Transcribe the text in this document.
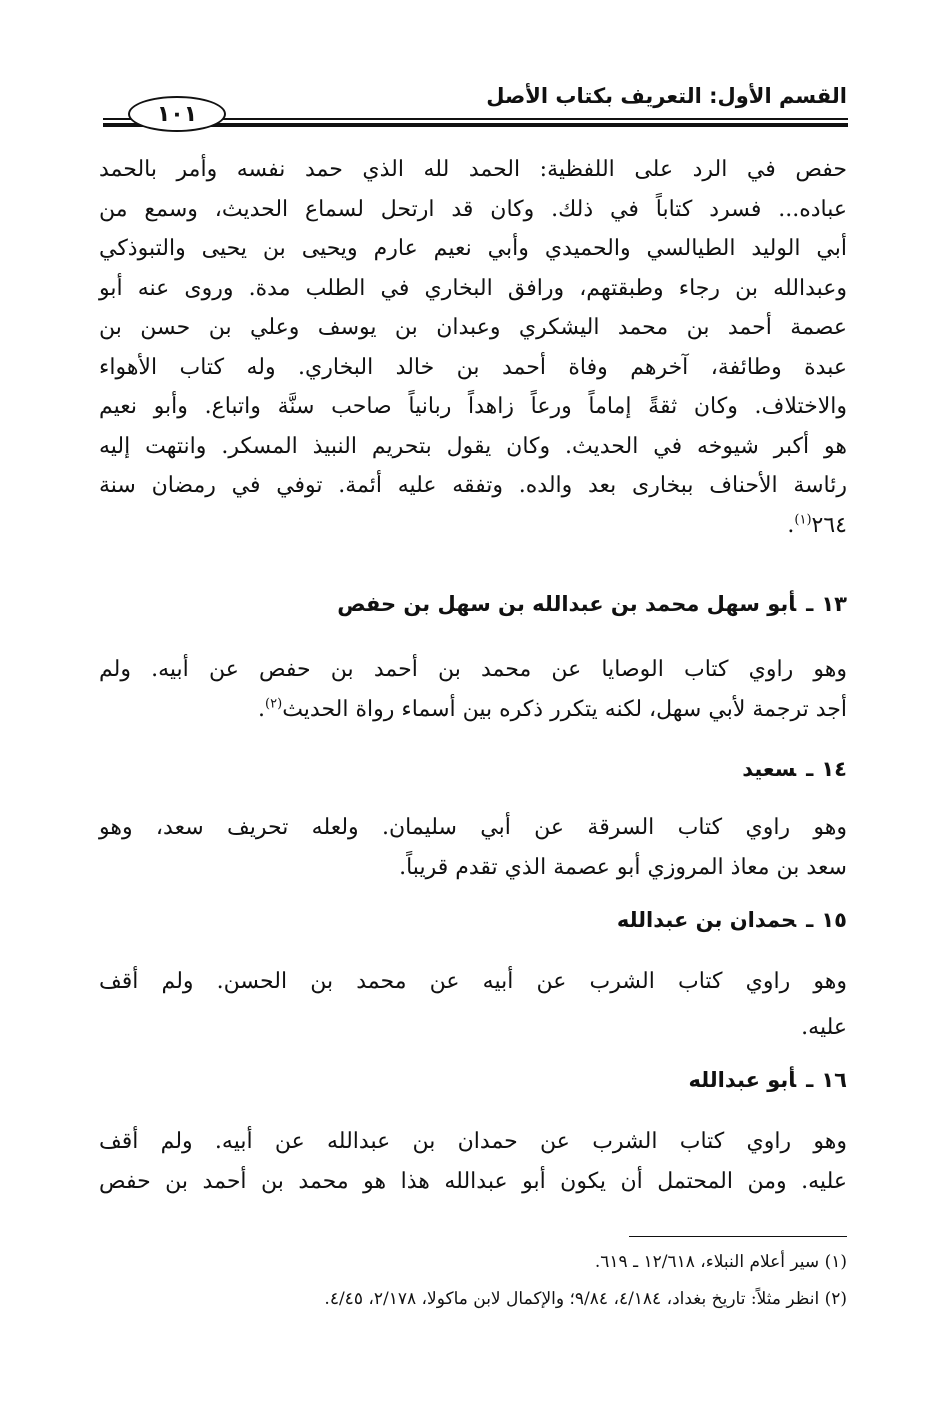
القسم الأول: التعريف بكتاب الأصل
١٠١
حفص في الرد على اللفظية: الحمد لله الذي حمد نفسه وأمر بالحمد
عباده... فسرد كتاباً في ذلك. وكان قد ارتحل لسماع الحديث، وسمع من
أبي الوليد الطيالسي والحميدي وأبي نعيم عارم ويحيى بن يحيى والتبوذكي
وعبدالله بن رجاء وطبقتهم، ورافق البخاري في الطلب مدة. وروى عنه أبو
عصمة أحمد بن محمد اليشكري وعبدان بن يوسف وعلي بن حسن بن
عبدة وطائفة، آخرهم وفاة أحمد بن خالد البخاري. وله كتاب الأهواء
والاختلاف. وكان ثقةً إماماً ورعاً زاهداً ربانياً صاحب سنَّة واتباع. وأبو نعيم
هو أكبر شيوخه في الحديث. وكان يقول بتحريم النبيذ المسكر. وانتهت إليه
رئاسة الأحناف ببخارى بعد والده. وتفقه عليه أئمة. توفي في رمضان سنة
٢٦٤$^{(١)}$.
١٣ـأبو سهل محمد بن عبدالله بن سهل بن حفص
وهو راوي كتاب الوصايا عن محمد بن أحمد بن حفص عن أبيه. ولم
أجد ترجمة لأبي سهل، لكنه يتكرر ذكره بين أسماء رواة الحديث$^{(٢)}$.
١٤ـسعيد
وهو راوي كتاب السرقة عن أبي سليمان. ولعله تحريف سعد، وهو
سعد بن معاذ المروزي أبو عصمة الذي تقدم قريباً.
١٥ـحمدان بن عبدالله
وهو راوي كتاب الشرب عن أبيه عن محمد بن الحسن. ولم أقف
عليه.
١٦ـأبو عبدالله
وهو راوي كتاب الشرب عن حمدان بن عبدالله عن أبيه. ولم أقف
عليه. ومن المحتمل أن يكون أبو عبدالله هذا هو محمد بن أحمد بن حفص
(١) سير أعلام النبلاء، ١٢/٦١٨ ـ ٦١٩.
(٢) انظر مثلاً: تاريخ بغداد، ٤/١٨٤، ٩/٨٤؛ والإكمال لابن ماكولا، ٢/١٧٨، ٤/٤٥.
